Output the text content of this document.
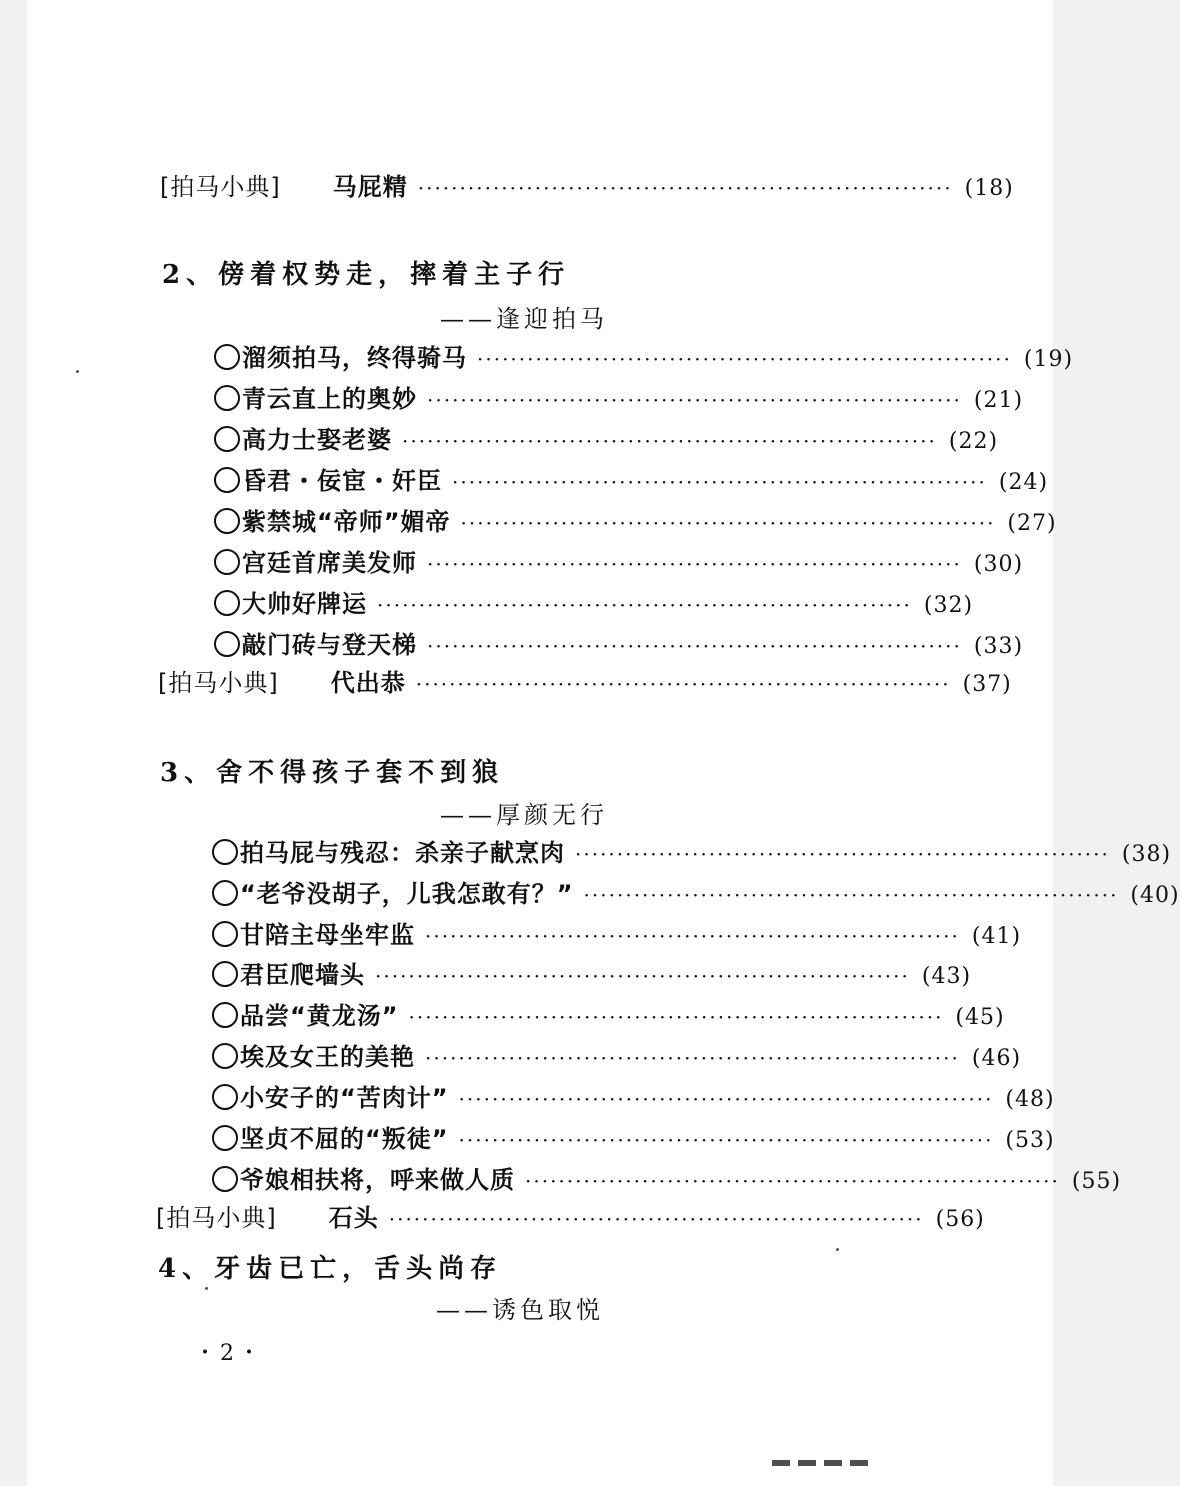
[拍马小典] 马屁精 ································································ (18)
2、傍着权势走，摔着主子行
——逢迎拍马
溜须拍马，终得骑马 ································································ (19)
青云直上的奥妙 ································································ (21)
高力士娶老婆 ································································ (22)
昏君・佞宦・奸臣 ································································ (24)
紫禁城“帝师”媚帝 ································································ (27)
宫廷首席美发师 ································································ (30)
大帅好牌运 ································································ (32)
敲门砖与登天梯 ································································ (33)
[拍马小典] 代出恭 ································································ (37)
3、舍不得孩子套不到狼
——厚颜无行
拍马屁与残忍：杀亲子献烹肉 ································································ (38)
“老爷没胡子，儿我怎敢有？” ································································ (40)
甘陪主母坐牢监 ································································ (41)
君臣爬墙头 ································································ (43)
品尝“黄龙汤” ································································ (45)
埃及女王的美艳 ································································ (46)
小安子的“苦肉计” ································································ (48)
坚贞不屈的“叛徒” ································································ (53)
爷娘相扶将，呼来做人质 ································································ (55)
[拍马小典] 石头 ································································ (56)
4、牙齿已亡，舌头尚存
——诱色取悦
・2・
